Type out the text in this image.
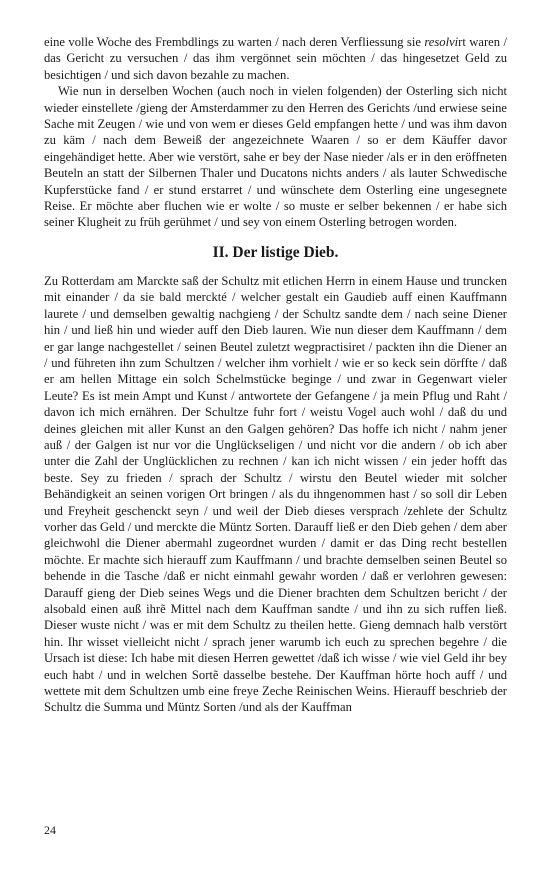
eine volle Woche des Frembdlings zu warten / nach deren Verfliessung sie resolvirt waren / das Gericht zu versuchen / das ihm vergönnet sein möchten / das hingesetzet Geld zu besichtigen / und sich davon bezahle zu machen.

Wie nun in derselben Wochen (auch noch in vielen folgenden) der Osterling sich nicht wieder einstellete /gieng der Amsterdammer zu den Herren des Gerichts /und erwiese seine Sache mit Zeugen / wie und von wem er dieses Geld empfangen hette / und was ihm davon zu käm / nach dem Beweiß der angezeichnete Waaren / so er dem Käuffer davor eingehändiget hette. Aber wie verstört, sahe er bey der Nase nieder /als er in den eröffneten Beuteln an statt der Silbernen Thaler und Ducatons nichts anders / als lauter Schwedische Kupferstücke fand / er stund erstarret / und wünschete dem Osterling eine ungesegnete Reise. Er möchte aber fluchen wie er wolte / so muste er selber bekennen / er habe sich seiner Klugheit zu früh gerühmet / und sey von einem Osterling betrogen worden.

II. Der listige Dieb.

Zu Rotterdam am Marckte saß der Schultz mit etlichen Herrn in einem Hause und truncken mit einander / da sie bald merckté / welcher gestalt ein Gaudieb auff einen Kauffmann laurete / und demselben gewaltig nachgieng / der Schultz sandte dem / nach seine Diener hin / und ließ hin und wieder auff den Dieb lauren. Wie nun dieser dem Kauffmann / dem er gar lange nachgestellet / seinen Beutel zuletzt wegpractisiret / packten ihn die Diener an / und führeten ihn zum Schultzen / welcher ihm vorhielt / wie er so keck sein dörffte / daß er am hellen Mittage ein solch Schelmstücke beginge / und zwar in Gegenwart vieler Leute? Es ist mein Ampt und Kunst / antwortete der Gefangene / ja mein Pflug und Raht / davon ich mich ernähren. Der Schultze fuhr fort / weistu Vogel auch wohl / daß du und deines gleichen mit aller Kunst an den Galgen gehören? Das hoffe ich nicht / nahm jener auß / der Galgen ist nur vor die Unglückseligen / und nicht vor die andern / ob ich aber unter die Zahl der Unglücklichen zu rechnen / kan ich nicht wissen / ein jeder hofft das beste. Sey zu frieden / sprach der Schultz / wirstu den Beutel wieder mit solcher Behändigkeit an seinen vorigen Ort bringen / als du ihngenommen hast / so soll dir Leben und Freyheit geschenckt seyn / und weil der Dieb dieses versprach /zehlete der Schultz vorher das Geld / und merckte die Müntz Sorten. Darauff ließ er den Dieb gehen / dem aber gleichwohl die Diener abermahl zugeordnet wurden / damit er das Ding recht bestellen möchte. Er machte sich hierauff zum Kauffmann / und brachte demselben seinen Beutel so behende in die Tasche /daß er nicht einmahl gewahr worden / daß er verlohren gewesen: Darauff gieng der Dieb seines Wegs und die Diener brachten dem Schultzen bericht / der alsobald einen auß ihrẽ Mittel nach dem Kauffman sandte / und ihn zu sich ruffen ließ. Dieser wuste nicht / was er mit dem Schultz zu theilen hette. Gieng demnach halb verstört hin. Ihr wisset vielleicht nicht / sprach jener warumb ich euch zu sprechen begehre / die Ursach ist diese: Ich habe mit diesen Herren gewettet /daß ich wisse / wie viel Geld ihr bey euch habt / und in welchen Sortẽ dasselbe bestehe. Der Kauffman hörte hoch auff / und wettete mit dem Schultzen umb eine freye Zeche Reinischen Weins. Hierauff beschrieb der Schultz die Summa und Müntz Sorten /und als der Kauffman

24
